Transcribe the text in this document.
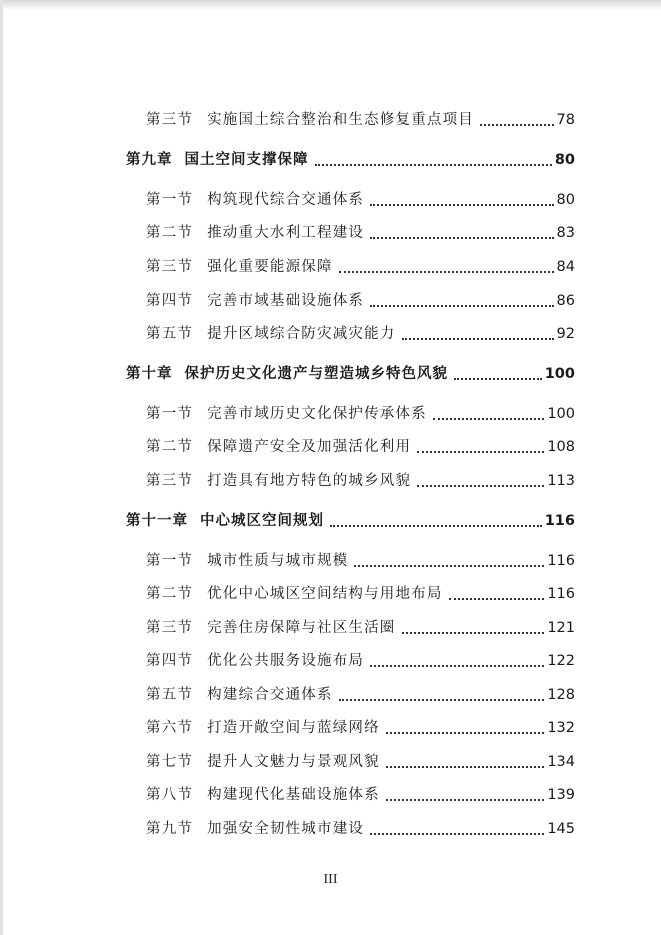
第三节 实施国土综合整治和生态修复重点项目	78
第九章 国土空间支撑保障	80
第一节 构筑现代综合交通体系	80
第二节 推动重大水利工程建设	83
第三节 强化重要能源保障	84
第四节 完善市域基础设施体系	86
第五节 提升区域综合防灾减灾能力	92
第十章 保护历史文化遗产与塑造城乡特色风貌	100
第一节 完善市域历史文化保护传承体系	100
第二节 保障遗产安全及加强活化利用	108
第三节 打造具有地方特色的城乡风貌	113
第十一章 中心城区空间规划	116
第一节 城市性质与城市规模	116
第二节 优化中心城区空间结构与用地布局	116
第三节 完善住房保障与社区生活圈	121
第四节 优化公共服务设施布局	122
第五节 构建综合交通体系	128
第六节 打造开敞空间与蓝绿网络	132
第七节 提升人文魅力与景观风貌	134
第八节 构建现代化基础设施体系	139
第九节 加强安全韧性城市建设	145
III
